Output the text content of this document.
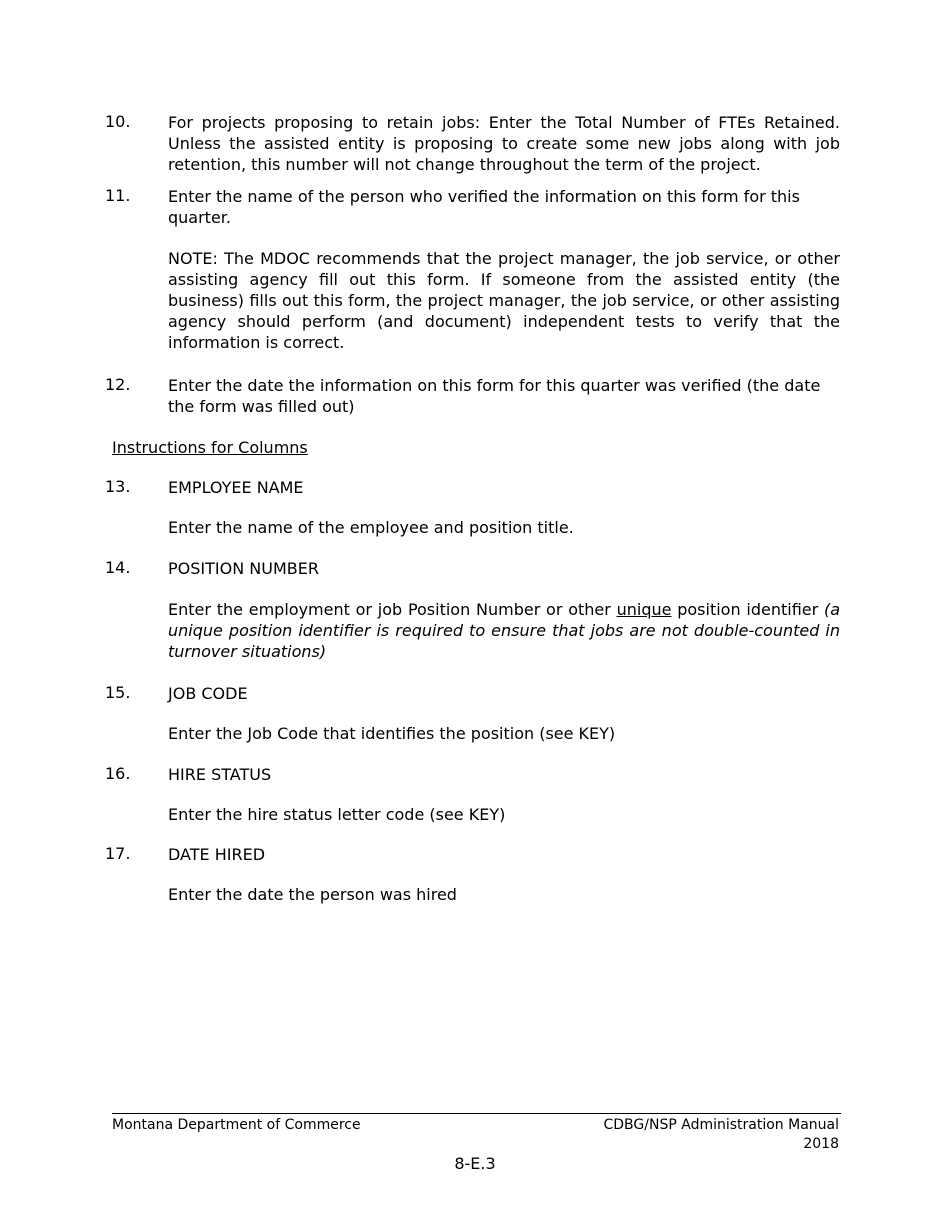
10.	For projects proposing to retain jobs: Enter the Total Number of FTEs Retained. Unless the assisted entity is proposing to create some new jobs along with job retention, this number will not change throughout the term of the project.
11.	Enter the name of the person who verified the information on this form for this quarter.
NOTE: The MDOC recommends that the project manager, the job service, or other assisting agency fill out this form. If someone from the assisted entity (the business) fills out this form, the project manager, the job service, or other assisting agency should perform (and document) independent tests to verify that the information is correct.
12.	Enter the date the information on this form for this quarter was verified (the date the form was filled out)
Instructions for Columns
13.	EMPLOYEE NAME
Enter the name of the employee and position title.
14.	POSITION NUMBER
Enter the employment or job Position Number or other unique position identifier (a unique position identifier is required to ensure that jobs are not double-counted in turnover situations)
15.	JOB CODE
Enter the Job Code that identifies the position (see KEY)
16.	HIRE STATUS
Enter the hire status letter code (see KEY)
17.	DATE HIRED
Enter the date the person was hired
Montana Department of Commerce	CDBG/NSP Administration Manual
2018
8-E.3
